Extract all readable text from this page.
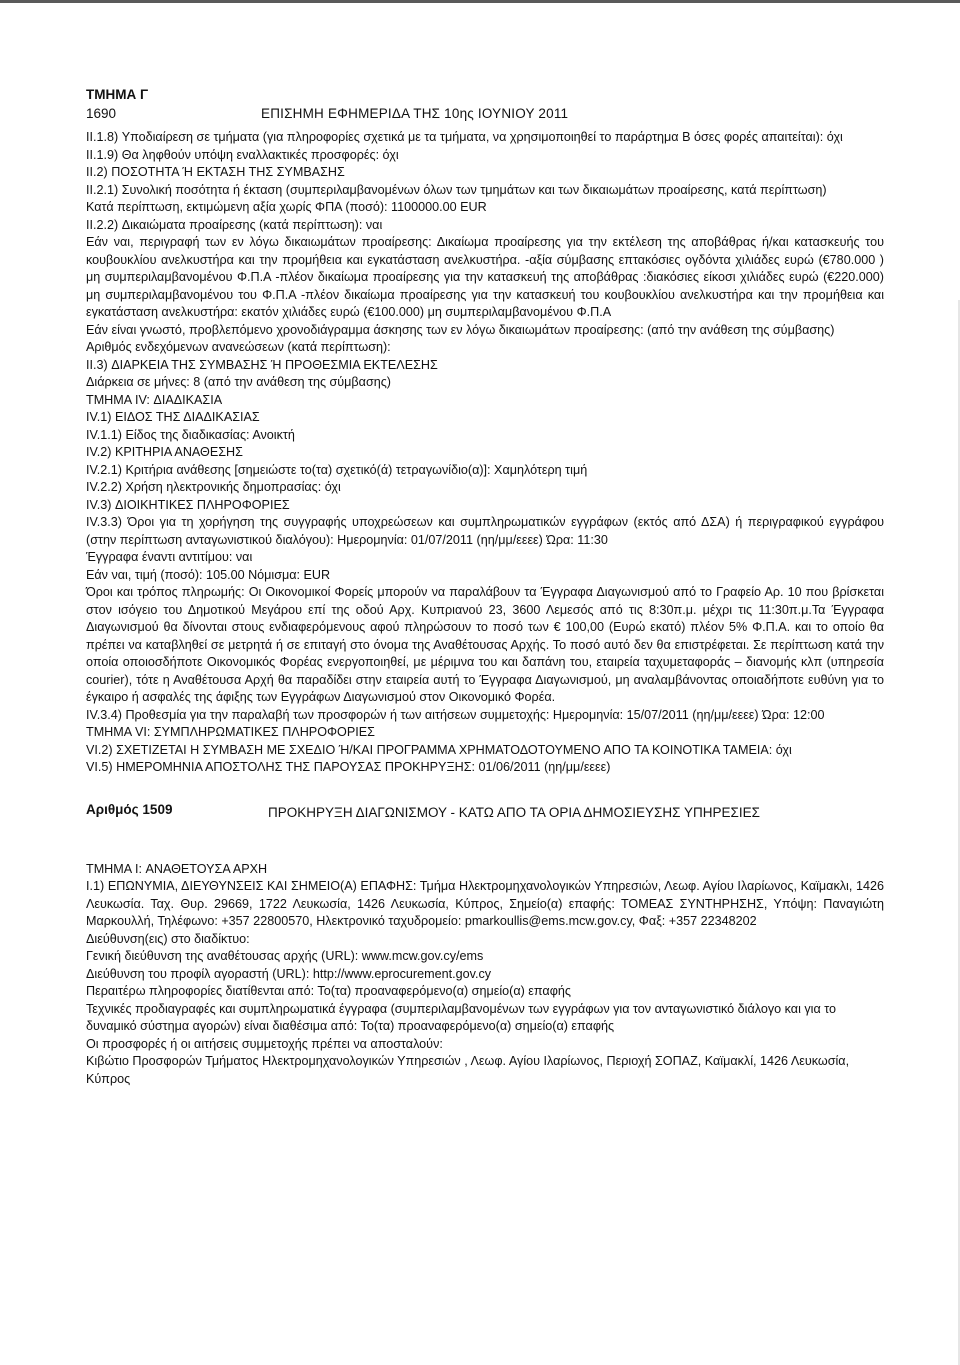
ΤΜΗΜΑ Γ
1690	ΕΠΙΣΗΜΗ ΕΦΗΜΕΡΙΔΑ ΤΗΣ 10ης ΙΟΥΝΙΟΥ 2011

II.1.8) Υποδιαίρεση σε τμήματα (για πληροφορίες σχετικά με τα τμήματα, να χρησιμοποιηθεί το παράρτημα Β όσες φορές απαιτείται): όχι

II.1.9) Θα ληφθούν υπόψη εναλλακτικές προσφορές: όχι

II.2) ΠΟΣΟΤΗΤΑ Ή ΕΚΤΑΣΗ ΤΗΣ ΣΥΜΒΑΣΗΣ

II.2.1) Συνολική ποσότητα ή έκταση (συμπεριλαμβανομένων όλων των τμημάτων και των δικαιωμάτων προαίρεσης, κατά περίπτωση)

Κατά περίπτωση, εκτιμώμενη αξία χωρίς ΦΠΑ (ποσό): 1100000.00 EUR

II.2.2) Δικαιώματα προαίρεσης (κατά περίπτωση): ναι

Εάν ναι, περιγραφή των εν λόγω δικαιωμάτων προαίρεσης: Δικαίωμα προαίρεσης για την εκτέλεση της αποβάθρας ή/και κατασκευής του κουβουκλίου ανελκυστήρα και την προμήθεια και εγκατάσταση ανελκυστήρα. -αξία σύμβασης επτακόσιες ογδόντα χιλιάδες ευρώ (€780.000 ) μη συμπεριλαμβανομένου Φ.Π.Α -πλέον δικαίωμα προαίρεσης για την κατασκευή της αποβάθρας :διακόσιες είκοσι χιλιάδες ευρώ (€220.000) μη συμπεριλαμβανομένου του Φ.Π.Α -πλέον δικαίωμα προαίρεσης για την κατασκευή του κουβουκλίου ανελκυστήρα και την προμήθεια και εγκατάσταση ανελκυστήρα: εκατόν χιλιάδες ευρώ (€100.000) μη συμπεριλαμβανομένου Φ.Π.Α

Εάν είναι γνωστό, προβλεπόμενο χρονοδιάγραμμα άσκησης των εν λόγω δικαιωμάτων προαίρεσης: (από την ανάθεση της σύμβασης)

Αριθμός ενδεχόμενων ανανεώσεων (κατά περίπτωση):

II.3) ΔΙΑΡΚΕΙΑ ΤΗΣ ΣΥΜΒΑΣΗΣ Ή ΠΡΟΘΕΣΜΙΑ ΕΚΤΕΛΕΣΗΣ

Διάρκεια σε μήνες: 8 (από την ανάθεση της σύμβασης)

ΤΜΗΜΑ IV: ΔΙΑΔΙΚΑΣΙΑ

IV.1) ΕΙΔΟΣ ΤΗΣ ΔΙΑΔΙΚΑΣΙΑΣ

IV.1.1) Είδος της διαδικασίας: Ανοικτή

IV.2) ΚΡΙΤΗΡΙΑ ΑΝΑΘΕΣΗΣ

IV.2.1) Κριτήρια ανάθεσης [σημειώστε το(τα) σχετικό(ά) τετραγωνίδιο(α)]: Χαμηλότερη τιμή

IV.2.2) Χρήση ηλεκτρονικής δημοπρασίας: όχι

IV.3) ΔΙΟΙΚΗΤΙΚΕΣ ΠΛΗΡΟΦΟΡΙΕΣ

IV.3.3) Όροι για τη χορήγηση της συγγραφής υποχρεώσεων και συμπληρωματικών εγγράφων (εκτός από ΔΣΑ) ή περιγραφικού εγγράφου (στην περίπτωση ανταγωνιστικού διαλόγου): Ημερομηνία: 01/07/2011 (ηη/μμ/εεεε) Ώρα: 11:30

Έγγραφα έναντι αντιτίμου: ναι

Εάν ναι, τιμή (ποσό): 105.00 Νόμισμα: EUR

Όροι και τρόπος πληρωμής: Οι Οικονομικοί Φορείς μπορούν να παραλάβουν τα Έγγραφα Διαγωνισμού από το Γραφείο Αρ. 10 που βρίσκεται στον ισόγειο του Δημοτικού Μεγάρου επί της οδού Αρχ. Κυπριανού 23, 3600 Λεμεσός από τις 8:30π.μ. μέχρι τις 11:30π.μ.Τα Έγγραφα Διαγωνισμού θα δίνονται στους ενδιαφερόμενους αφού πληρώσουν το ποσό των € 100,00 (Ευρώ εκατό) πλέον 5% Φ.Π.Α. και το οποίο θα πρέπει να καταβληθεί σε μετρητά ή σε επιταγή στο όνομα της Αναθέτουσας Αρχής. Το ποσό αυτό δεν θα επιστρέφεται. Σε περίπτωση κατά την οποία οποιοσδήποτε Οικονομικός Φορέας ενεργοποιηθεί, με μέριμνα του και δαπάνη του, εταιρεία ταχυμεταφοράς – διανομής κλπ (υπηρεσία courier), τότε η Αναθέτουσα Αρχή θα παραδίδει στην εταιρεία αυτή το Έγγραφα Διαγωνισμού, μη αναλαμβάνοντας οποιαδήποτε ευθύνη για το έγκαιρο ή ασφαλές της άφιξης των Εγγράφων Διαγωνισμού στον Οικονομικό Φορέα.

IV.3.4) Προθεσμία για την παραλαβή των προσφορών ή των αιτήσεων συμμετοχής: Ημερομηνία: 15/07/2011 (ηη/μμ/εεεε) Ώρα: 12:00

ΤΜΗΜΑ VI: ΣΥΜΠΛΗΡΩΜΑΤΙΚΕΣ ΠΛΗΡΟΦΟΡΙΕΣ

VI.2) ΣΧΕΤΙΖΕΤΑΙ Η ΣΥΜΒΑΣΗ ΜΕ ΣΧΕΔΙΟ Ή/ΚΑΙ ΠΡΟΓΡΑΜΜΑ ΧΡΗΜΑΤΟΔΟΤΟΥΜΕΝΟ ΑΠΟ ΤΑ ΚΟΙΝΟΤΙΚΑ ΤΑΜΕΙΑ: όχι

VI.5) ΗΜΕΡΟΜΗΝΙΑ ΑΠΟΣΤΟΛΗΣ ΤΗΣ ΠΑΡΟΥΣΑΣ ΠΡΟΚΗΡΥΞΗΣ: 01/06/2011 (ηη/μμ/εεεε)

Αριθμός 1509	ΠΡΟΚΗΡΥΞΗ ΔΙΑΓΩΝΙΣΜΟΥ - ΚΑΤΩ ΑΠΟ ΤΑ ΟΡΙΑ ΔΗΜΟΣΙΕΥΣΗΣ ΥΠΗΡΕΣΙΕΣ

ΤΜΗΜΑ I: ΑΝΑΘΕΤΟΥΣΑ ΑΡΧΗ

I.1) ΕΠΩΝΥΜΙΑ, ΔΙΕΥΘΥΝΣΕΙΣ ΚΑΙ ΣΗΜΕΙΟ(Α) ΕΠΑΦΗΣ: Τμήμα Ηλεκτρομηχανολογικών Υπηρεσιών, Λεωφ. Αγίου Ιλαρίωνος, Καϊμακλι, 1426 Λευκωσία. Ταχ. Θυρ. 29669, 1722 Λευκωσία, 1426 Λευκωσία, Κύπρος, Σημείο(α) επαφής: ΤΟΜΕΑΣ ΣΥΝΤΗΡΗΣΗΣ, Υπόψη: Παναγιώτη Μαρκουλλή, Τηλέφωνο: +357 22800570, Ηλεκτρονικό ταχυδρομείο: pmarkoullis@ems.mcw.gov.cy, Φαξ: +357 22348202

Διεύθυνση(εις) στο διαδίκτυο:

Γενική διεύθυνση της αναθέτουσας αρχής (URL): www.mcw.gov.cy/ems

Διεύθυνση του προφίλ αγοραστή (URL): http://www.eprocurement.gov.cy

Περαιτέρω πληροφορίες διατίθενται από: Το(τα) προαναφερόμενο(α) σημείο(α) επαφής

Τεχνικές προδιαγραφές και συμπληρωματικά έγγραφα (συμπεριλαμβανομένων των εγγράφων για τον ανταγωνιστικό διάλογο και για το δυναμικό σύστημα αγορών) είναι διαθέσιμα από: Το(τα) προαναφερόμενο(α) σημείο(α) επαφής

Οι προσφορές ή οι αιτήσεις συμμετοχής πρέπει να αποσταλούν:

Κιβώτιο Προσφορών Τμήματος Ηλεκτρομηχανολογικών Υπηρεσιών , Λεωφ. Αγίου Ιλαρίωνος, Περιοχή ΣΟΠΑΖ, Καϊμακλί, 1426 Λευκωσία, Κύπρος
